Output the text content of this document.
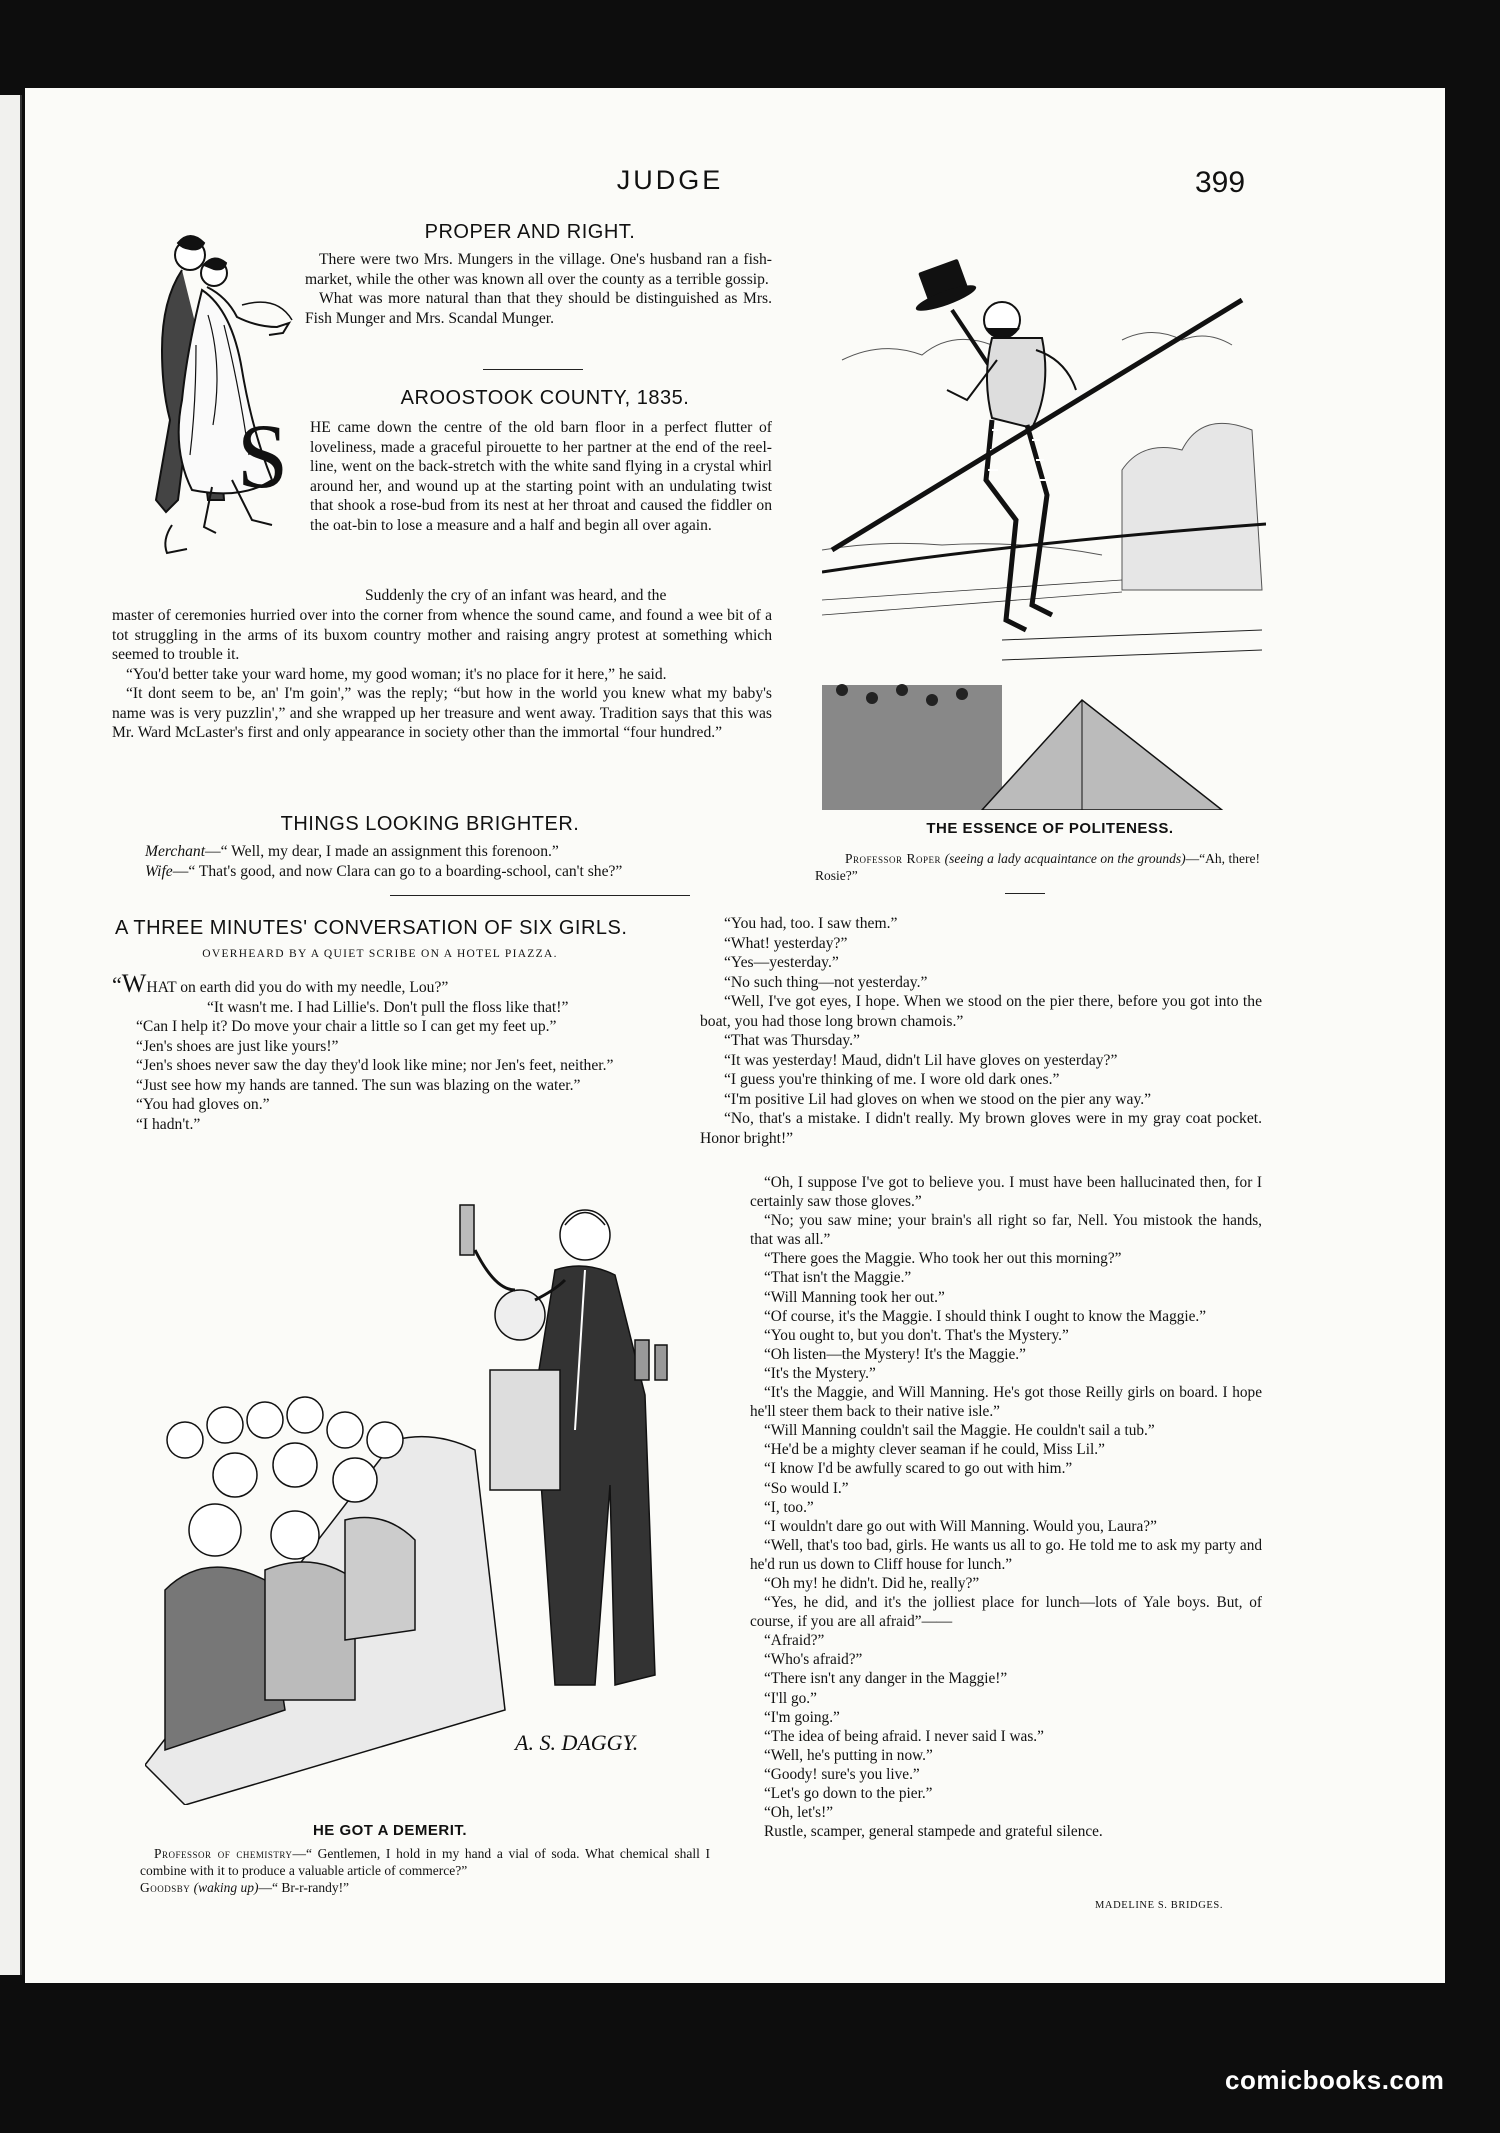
JUDGE	399
PROPER AND RIGHT.

There were two Mrs. Mungers in the village. One's husband ran a fish-market, while the other was known all over the county as a terrible gossip.

What was more natural than that they should be distinguished as Mrs. Fish Munger and Mrs. Scandal Munger.

AROOSTOOK COUNTY, 1835.
S	HE came down the centre of the old barn floor in a perfect flutter of loveliness, made a graceful pirouette to her partner at the end of the reel-line, went on the back-stretch with the white sand flying in a crystal whirl around her, and wound up at the starting point with an undulating twist that shook a rose-bud from its nest at her throat and caused the fiddler on the oat-bin to lose a measure and a half and begin all over again.
Suddenly the cry of an infant was heard, and the

master of ceremonies hurried over into the corner from whence the sound came, and found a wee bit of a tot struggling in the arms of its buxom country mother and raising angry protest at something which seemed to trouble it.

“You'd better take your ward home, my good woman; it's no place for it here,” he said.

“It dont seem to be, an' I'm goin',” was the reply; “but how in the world you knew what my baby's name was is very puzzlin',” and she wrapped up her treasure and went away. Tradition says that this was Mr. Ward McLaster's first and only appearance in society other than the immortal “four hundred.”

THINGS LOOKING BRIGHTER.
Merchant—“ Well, my dear, I made an assignment this forenoon.”
Wife—“ That's good, and now Clara can go to a boarding-school, can't she?”
THE ESSENCE OF POLITENESS.
Professor Roper (seeing a lady acquaintance on the grounds)—“Ah, there! Rosie?”
A THREE MINUTES' CONVERSATION OF SIX GIRLS.
OVERHEARD BY A QUIET SCRIBE ON A HOTEL PIAZZA.
“WHAT on earth did you do with my needle, Lou?”

“It wasn't me. I had Lillie's. Don't pull the floss like that!”

“Can I help it? Do move your chair a little so I can get my feet up.”

“Jen's shoes are just like yours!”

“Jen's shoes never saw the day they'd look like mine; nor Jen's feet, neither.”

“Just see how my hands are tanned. The sun was blazing on the water.”

“You had gloves on.”

“I hadn't.”

“You had, too. I saw them.”

“What! yesterday?”

“Yes—yesterday.”

“No such thing—not yesterday.”

“Well, I've got eyes, I hope. When we stood on the pier there, before you got into the boat, you had those long brown chamois.”

“That was Thursday.”

“It was yesterday! Maud, didn't Lil have gloves on yesterday?”

“I guess you're thinking of me. I wore old dark ones.”

“I'm positive Lil had gloves on when we stood on the pier any way.”

“No, that's a mistake. I didn't really. My brown gloves were in my gray coat pocket. Honor bright!”

“Oh, I suppose I've got to believe you. I must have been hallucinated then, for I certainly saw those gloves.”

“No; you saw mine; your brain's all right so far, Nell. You mistook the hands, that was all.”

“There goes the Maggie. Who took her out this morning?”

“That isn't the Maggie.”

“Will Manning took her out.”

“Of course, it's the Maggie. I should think I ought to know the Maggie.”

“You ought to, but you don't. That's the Mystery.”

“Oh listen—the Mystery! It's the Maggie.”

“It's the Mystery.”

“It's the Maggie, and Will Manning. He's got those Reilly girls on board. I hope he'll steer them back to their native isle.”

“Will Manning couldn't sail the Maggie. He couldn't sail a tub.”

“He'd be a mighty clever seaman if he could, Miss Lil.”

“I know I'd be awfully scared to go out with him.”

“So would I.”

“I, too.”

“I wouldn't dare go out with Will Manning. Would you, Laura?”

“Well, that's too bad, girls. He wants us all to go. He told me to ask my party and he'd run us down to Cliff house for lunch.”

“Oh my! he didn't. Did he, really?”

“Yes, he did, and it's the jolliest place for lunch—lots of Yale boys. But, of course, if you are all afraid”——

“Afraid?”

“Who's afraid?”

“There isn't any danger in the Maggie!”

“I'll go.”

“I'm going.”

“The idea of being afraid. I never said I was.”

“Well, he's putting in now.”

“Goody! sure's you live.”

“Let's go down to the pier.”

“Oh, let's!”

Rustle, scamper, general stampede and grateful silence.

MADELINE S. BRIDGES.
A. S. DAGGY.
HE GOT A DEMERIT.
Professor of chemistry—“ Gentlemen, I hold in my hand a vial of soda. What chemical shall I combine with it to produce a valuable article of commerce?”
Goodsby (waking up)—“ Br-r-randy!”
comicbooks.com
